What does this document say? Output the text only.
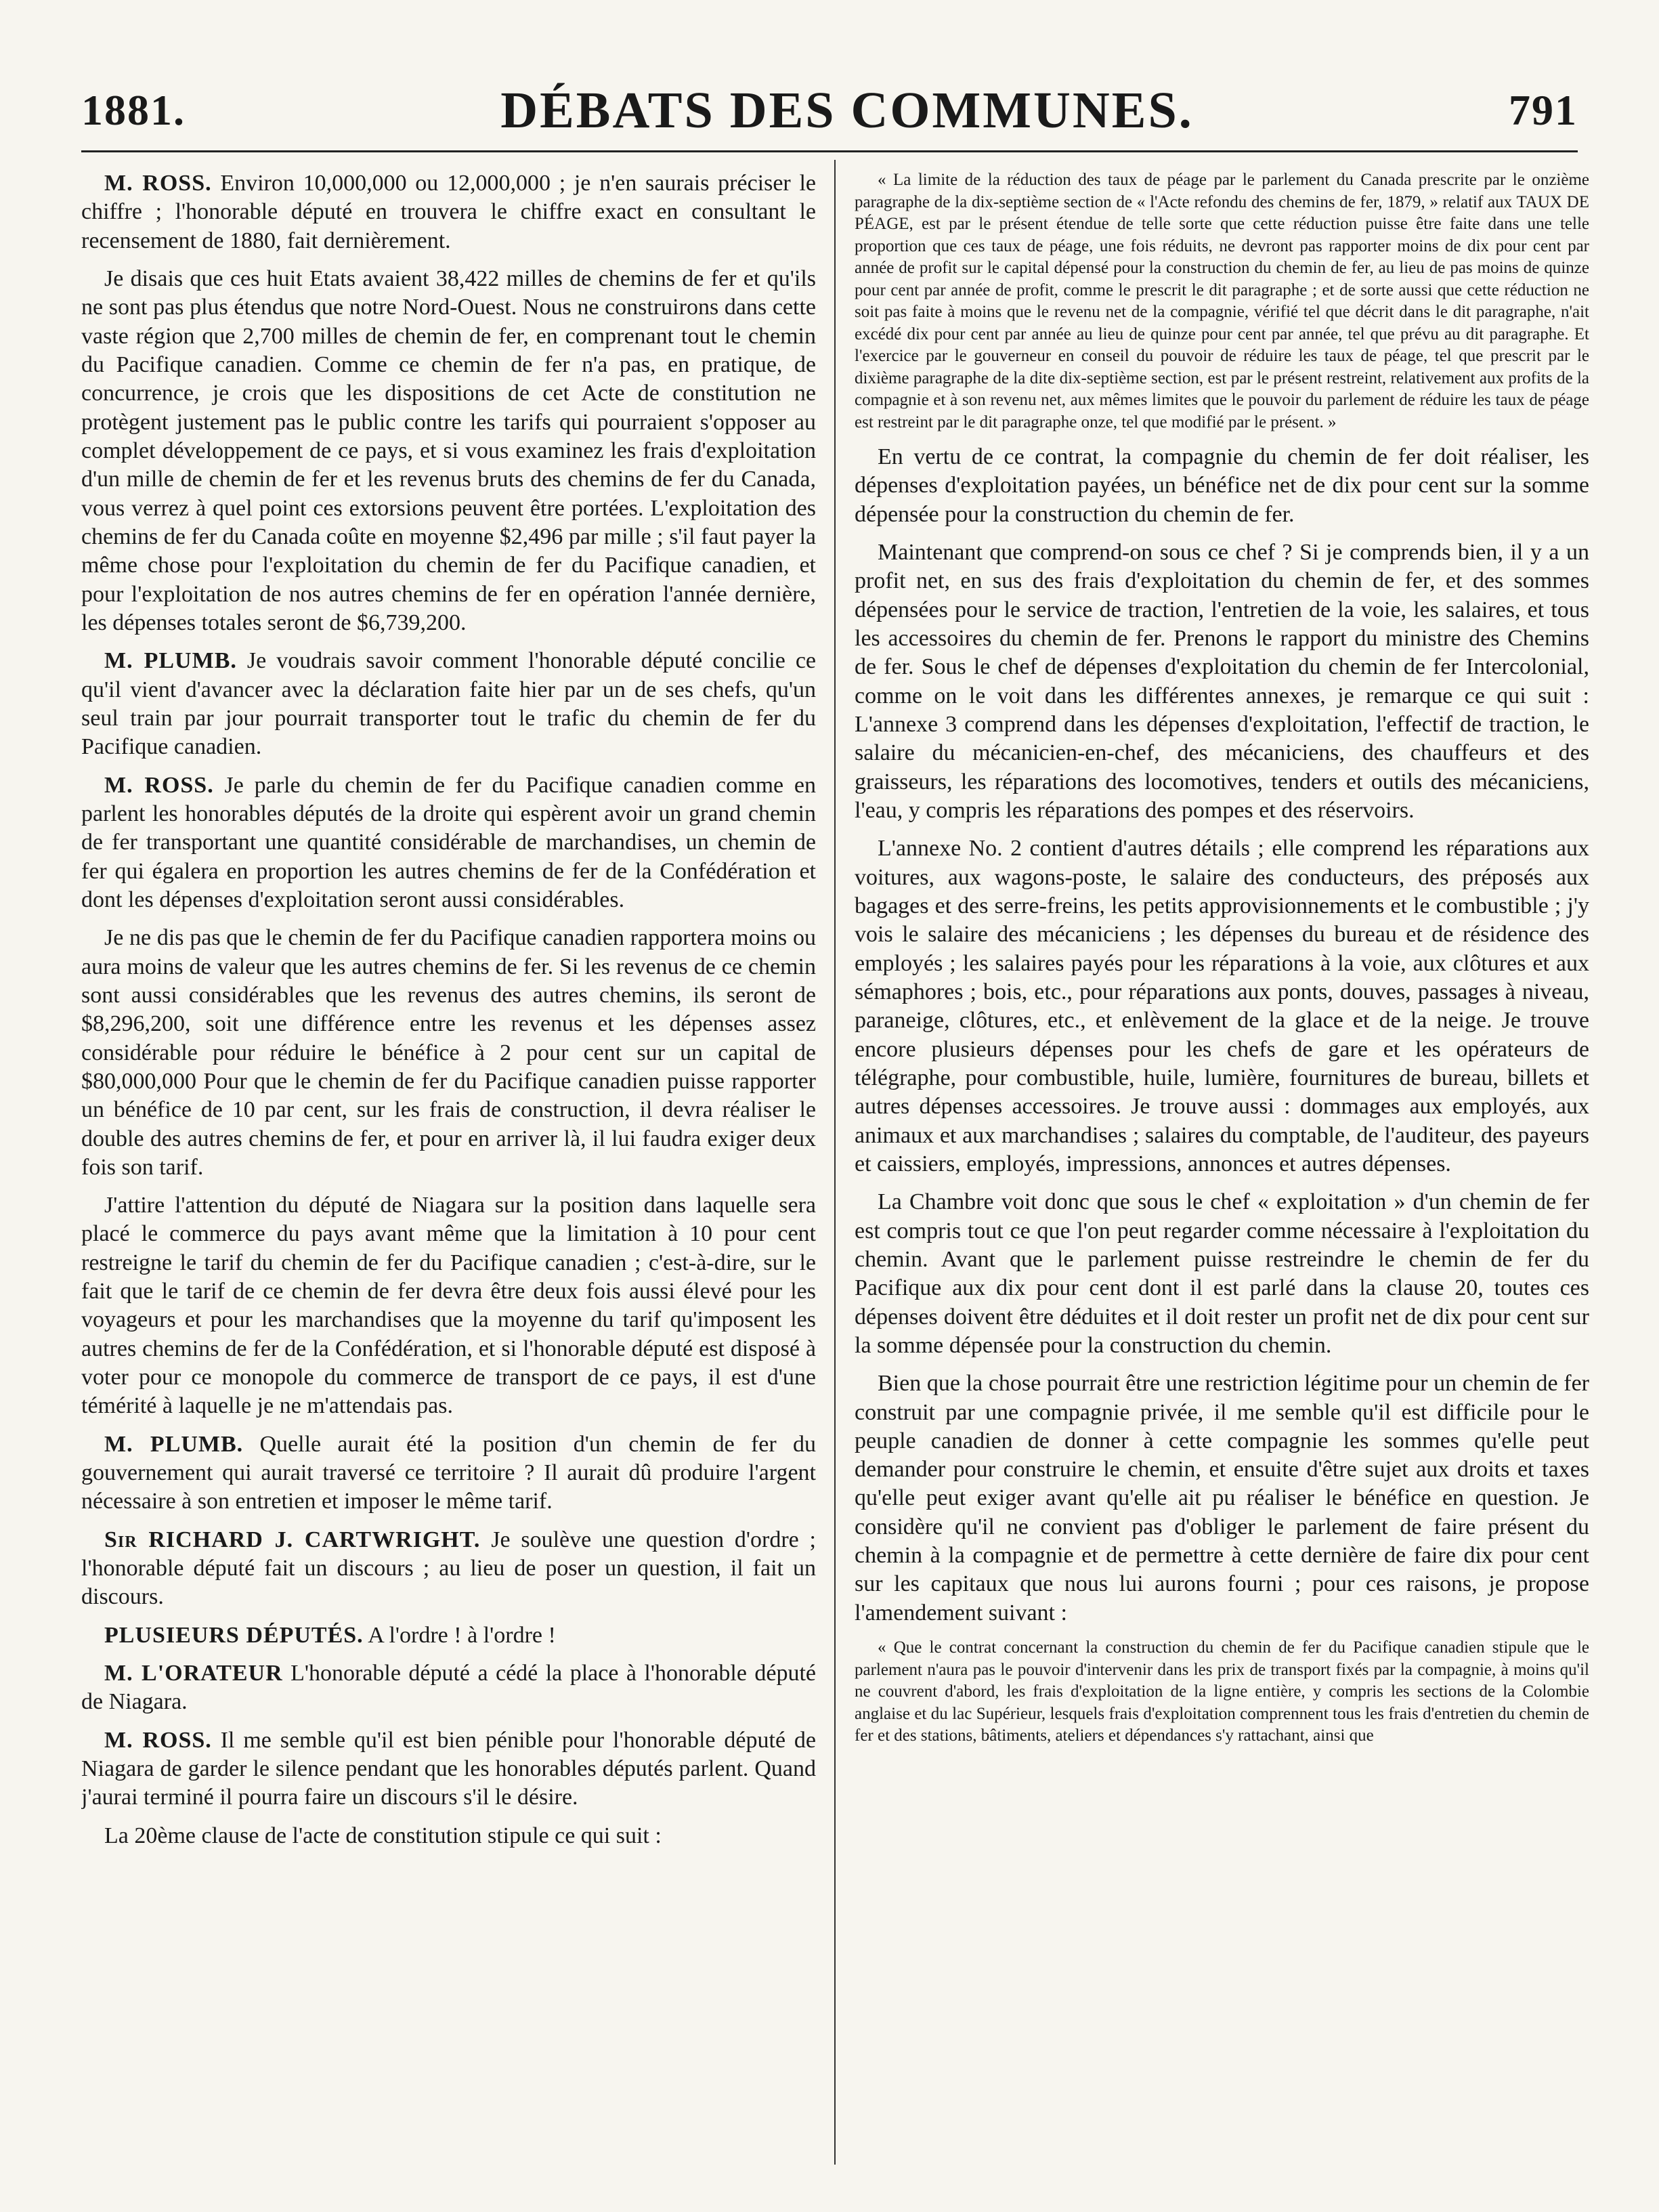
1881.	DÉBATS DES COMMUNES.	791

M. ROSS. Environ 10,000,000 ou 12,000,000 ; je n'en saurais préciser le chiffre ; l'honorable député en trouvera le chiffre exact en consultant le recensement de 1880, fait dernièrement.

Je disais que ces huit Etats avaient 38,422 milles de chemins de fer et qu'ils ne sont pas plus étendus que notre Nord-Ouest. Nous ne construirons dans cette vaste région que 2,700 milles de chemin de fer, en comprenant tout le chemin du Pacifique canadien. Comme ce chemin de fer n'a pas, en pratique, de concurrence, je crois que les dispositions de cet Acte de constitution ne protègent justement pas le public contre les tarifs qui pourraient s'opposer au complet développement de ce pays, et si vous examinez les frais d'exploitation d'un mille de chemin de fer et les revenus bruts des chemins de fer du Canada, vous verrez à quel point ces extorsions peuvent être portées. L'exploitation des chemins de fer du Canada coûte en moyenne $2,496 par mille ; s'il faut payer la même chose pour l'exploitation du chemin de fer du Pacifique canadien, et pour l'exploitation de nos autres chemins de fer en opération l'année dernière, les dépenses totales seront de $6,739,200.

M. PLUMB. Je voudrais savoir comment l'honorable député concilie ce qu'il vient d'avancer avec la déclaration faite hier par un de ses chefs, qu'un seul train par jour pourrait transporter tout le trafic du chemin de fer du Pacifique canadien.

M. ROSS. Je parle du chemin de fer du Pacifique canadien comme en parlent les honorables députés de la droite qui espèrent avoir un grand chemin de fer transportant une quantité considérable de marchandises, un chemin de fer qui égalera en proportion les autres chemins de fer de la Confédération et dont les dépenses d'exploitation seront aussi considérables.

Je ne dis pas que le chemin de fer du Pacifique canadien rapportera moins ou aura moins de valeur que les autres chemins de fer. Si les revenus de ce chemin sont aussi considérables que les revenus des autres chemins, ils seront de $8,296,200, soit une différence entre les revenus et les dépenses assez considérable pour réduire le bénéfice à 2 pour cent sur un capital de $80,000,000 Pour que le chemin de fer du Pacifique canadien puisse rapporter un bénéfice de 10 par cent, sur les frais de construction, il devra réaliser le double des autres chemins de fer, et pour en arriver là, il lui faudra exiger deux fois son tarif.

J'attire l'attention du député de Niagara sur la position dans laquelle sera placé le commerce du pays avant même que la limitation à 10 pour cent restreigne le tarif du chemin de fer du Pacifique canadien ; c'est-à-dire, sur le fait que le tarif de ce chemin de fer devra être deux fois aussi élevé pour les voyageurs et pour les marchandises que la moyenne du tarif qu'imposent les autres chemins de fer de la Confédération, et si l'honorable député est disposé à voter pour ce monopole du commerce de transport de ce pays, il est d'une témérité à laquelle je ne m'attendais pas.

M. PLUMB. Quelle aurait été la position d'un chemin de fer du gouvernement qui aurait traversé ce territoire ? Il aurait dû produire l'argent nécessaire à son entretien et imposer le même tarif.

Sir RICHARD J. CARTWRIGHT. Je soulève une question d'ordre ; l'honorable député fait un discours ; au lieu de poser un question, il fait un discours.

PLUSIEURS DÉPUTÉS. A l'ordre ! à l'ordre !

M. L'ORATEUR L'honorable député a cédé la place à l'honorable député de Niagara.

M. ROSS. Il me semble qu'il est bien pénible pour l'honorable député de Niagara de garder le silence pendant que les honorables députés parlent. Quand j'aurai terminé il pourra faire un discours s'il le désire.

La 20ème clause de l'acte de constitution stipule ce qui suit :

« La limite de la réduction des taux de péage par le parlement du Canada prescrite par le onzième paragraphe de la dix-septième section de « l'Acte refondu des chemins de fer, 1879, » relatif aux TAUX DE PÉAGE, est par le présent étendue de telle sorte que cette réduction puisse être faite dans une telle proportion que ces taux de péage, une fois réduits, ne devront pas rapporter moins de dix pour cent par année de profit sur le capital dépensé pour la construction du chemin de fer, au lieu de pas moins de quinze pour cent par année de profit, comme le prescrit le dit paragraphe ; et de sorte aussi que cette réduction ne soit pas faite à moins que le revenu net de la compagnie, vérifié tel que décrit dans le dit paragraphe, n'ait excédé dix pour cent par année au lieu de quinze pour cent par année, tel que prévu au dit paragraphe. Et l'exercice par le gouverneur en conseil du pouvoir de réduire les taux de péage, tel que prescrit par le dixième paragraphe de la dite dix-septième section, est par le présent restreint, relativement aux profits de la compagnie et à son revenu net, aux mêmes limites que le pouvoir du parlement de réduire les taux de péage est restreint par le dit paragraphe onze, tel que modifié par le présent. »

En vertu de ce contrat, la compagnie du chemin de fer doit réaliser, les dépenses d'exploitation payées, un bénéfice net de dix pour cent sur la somme dépensée pour la construction du chemin de fer.

Maintenant que comprend-on sous ce chef ? Si je comprends bien, il y a un profit net, en sus des frais d'exploitation du chemin de fer, et des sommes dépensées pour le service de traction, l'entretien de la voie, les salaires, et tous les accessoires du chemin de fer. Prenons le rapport du ministre des Chemins de fer. Sous le chef de dépenses d'exploitation du chemin de fer Intercolonial, comme on le voit dans les différentes annexes, je remarque ce qui suit : L'annexe 3 comprend dans les dépenses d'exploitation, l'effectif de traction, le salaire du mécanicien-en-chef, des mécaniciens, des chauffeurs et des graisseurs, les réparations des locomotives, tenders et outils des mécaniciens, l'eau, y compris les réparations des pompes et des réservoirs.

L'annexe No. 2 contient d'autres détails ; elle comprend les réparations aux voitures, aux wagons-poste, le salaire des conducteurs, des préposés aux bagages et des serre-freins, les petits approvisionnements et le combustible ; j'y vois le salaire des mécaniciens ; les dépenses du bureau et de résidence des employés ; les salaires payés pour les réparations à la voie, aux clôtures et aux sémaphores ; bois, etc., pour réparations aux ponts, douves, passages à niveau, paraneige, clôtures, etc., et enlèvement de la glace et de la neige. Je trouve encore plusieurs dépenses pour les chefs de gare et les opérateurs de télégraphe, pour combustible, huile, lumière, fournitures de bureau, billets et autres dépenses accessoires. Je trouve aussi : dommages aux employés, aux animaux et aux marchandises ; salaires du comptable, de l'auditeur, des payeurs et caissiers, employés, impressions, annonces et autres dépenses.

La Chambre voit donc que sous le chef « exploitation » d'un chemin de fer est compris tout ce que l'on peut regarder comme nécessaire à l'exploitation du chemin. Avant que le parlement puisse restreindre le chemin de fer du Pacifique aux dix pour cent dont il est parlé dans la clause 20, toutes ces dépenses doivent être déduites et il doit rester un profit net de dix pour cent sur la somme dépensée pour la construction du chemin.

Bien que la chose pourrait être une restriction légitime pour un chemin de fer construit par une compagnie privée, il me semble qu'il est difficile pour le peuple canadien de donner à cette compagnie les sommes qu'elle peut demander pour construire le chemin, et ensuite d'être sujet aux droits et taxes qu'elle peut exiger avant qu'elle ait pu réaliser le bénéfice en question. Je considère qu'il ne convient pas d'obliger le parlement de faire présent du chemin à la compagnie et de permettre à cette dernière de faire dix pour cent sur les capitaux que nous lui aurons fourni ; pour ces raisons, je propose l'amendement suivant :

« Que le contrat concernant la construction du chemin de fer du Pacifique canadien stipule que le parlement n'aura pas le pouvoir d'intervenir dans les prix de transport fixés par la compagnie, à moins qu'il ne couvrent d'abord, les frais d'exploitation de la ligne entière, y compris les sections de la Colombie anglaise et du lac Supérieur, lesquels frais d'exploitation comprennent tous les frais d'entretien du chemin de fer et des stations, bâtiments, ateliers et dépendances s'y rattachant, ainsi que
